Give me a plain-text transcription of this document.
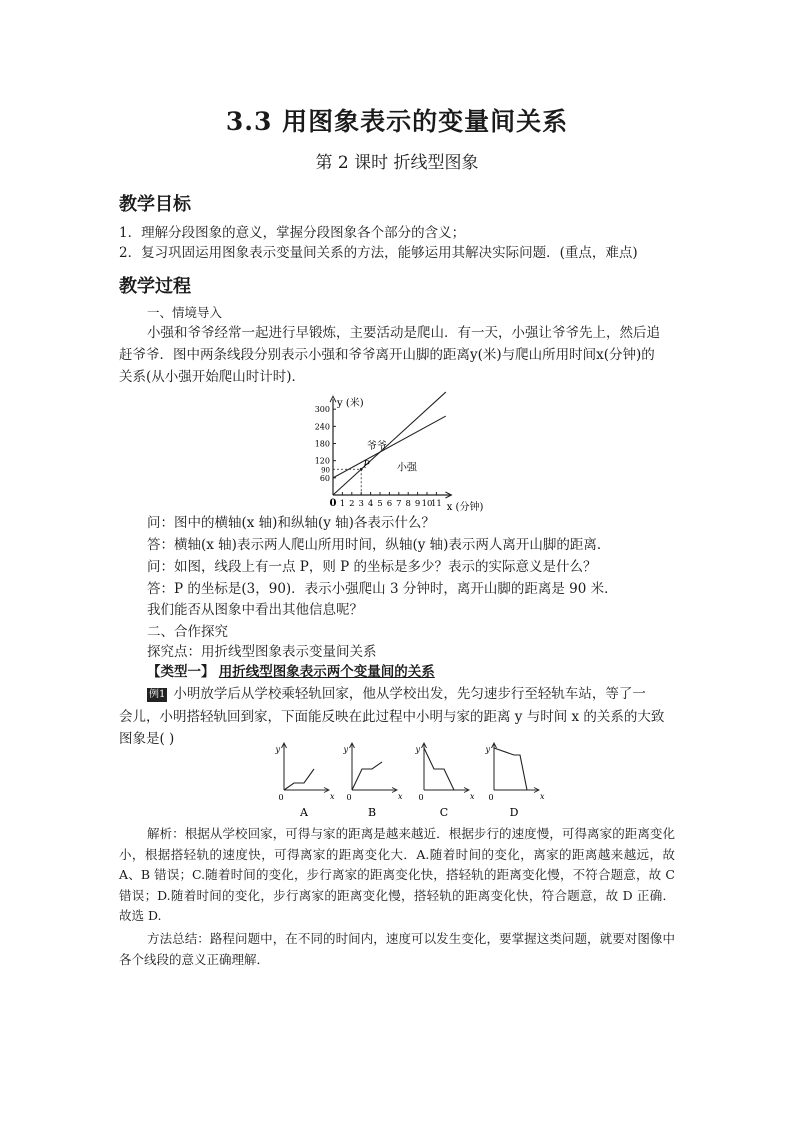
3.3 用图象表示的变量间关系
第 2 课时 折线型图象
教学目标
1．理解分段图象的意义，掌握分段图象各个部分的含义；
2．复习巩固运用图象表示变量间关系的方法，能够运用其解决实际问题．(重点，难点)
教学过程
一、情境导入
小强和爷爷经常一起进行早锻炼，主要活动是爬山．有一天，小强让爷爷先上，然后追
赶爷爷．图中两条线段分别表示小强和爷爷离开山脚的距离y(米)与爬山所用时间x(分钟)的
关系(从小强开始爬山时计时)．
60
120
180
240
300
0 1 2 3 4 5 6 7 8 9 10
11 x (分钟)
y (米)
爷爷
小强
90	P
问：图中的横轴(x 轴)和纵轴(y 轴)各表示什么？
答：横轴(x 轴)表示两人爬山所用时间，纵轴(y 轴)表示两人离开山脚的距离．
问：如图，线段上有一点 P，则 P 的坐标是多少？表示的实际意义是什么？
答：P 的坐标是(3，90)．表示小强爬山 3 分钟时，离开山脚的距离是 90 米．
我们能否从图象中看出其他信息呢？
二、合作探究
探究点：用折线型图象表示变量间关系
【类型一】 用折线型图象表示两个变量间的关系
例1 小明放学后从学校乘轻轨回家，他从学校出发，先匀速步行至轻轨车站，等了一
会儿，小明搭轻轨回到家，下面能反映在此过程中小明与家的距离 y 与时间 x 的关系的大致
图象是( )
y
x
0
A
y
x
0
B
y
x
0
C
y
x
0
D
解析：根据从学校回家，可得与家的距离是越来越近．根据步行的速度慢，可得离家的距离变化小，根据搭轻轨的速度快，可得离家的距离变化大．A.随着时间的变化，离家的距离越来越远，故 A、B 错误；C.随着时间的变化，步行离家的距离变化快，搭轻轨的距离变化慢，不符合题意，故 C 错误；D.随着时间的变化，步行离家的距离变化慢，搭轻轨的距离变化快，符合题意，故 D 正确．故选 D.
方法总结：路程问题中，在不同的时间内，速度可以发生变化，要掌握这类问题，就要对图像中各个线段的意义正确理解．
